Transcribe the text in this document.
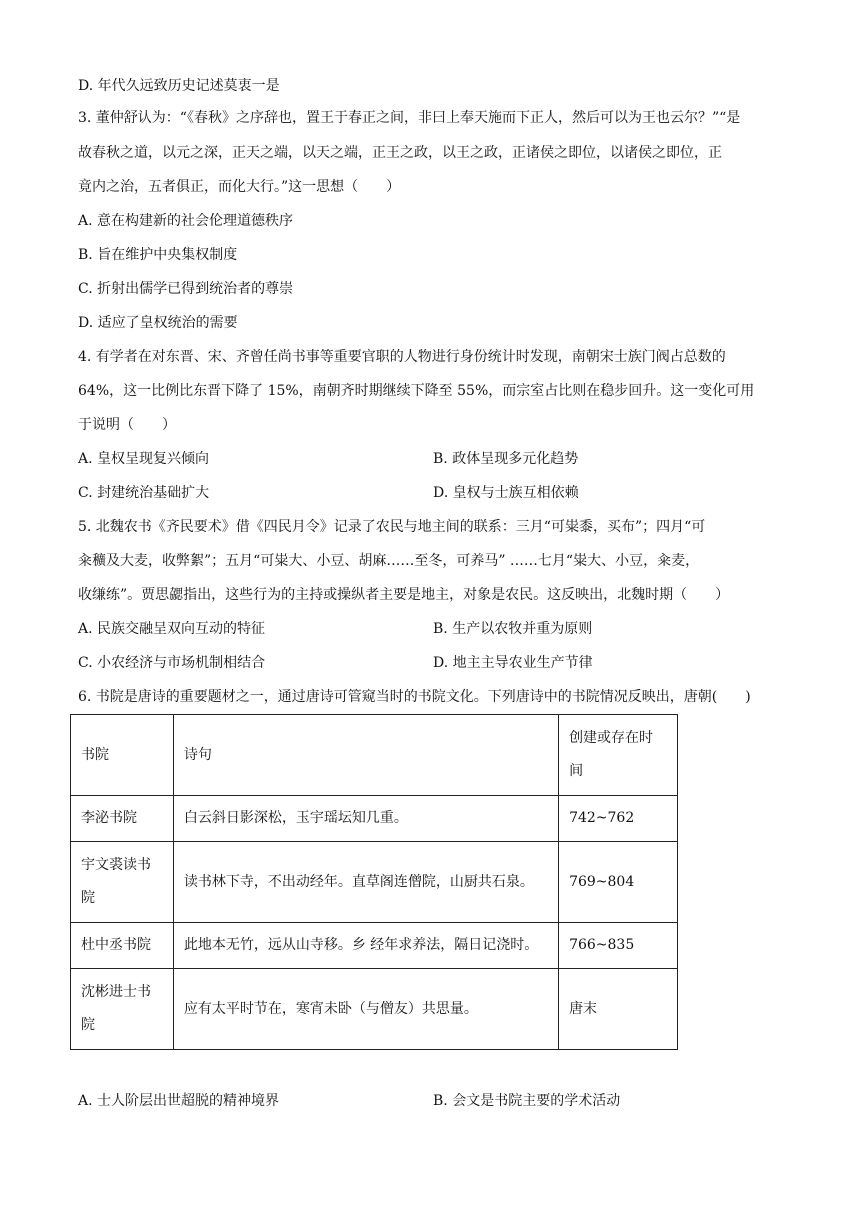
D. 年代久远致历史记述莫衷一是
3. 董仲舒认为：“《春秋》之序辞也，置王于春正之间，非曰上奉天施而下正人，然后可以为王也云尔？”“是
故春秋之道，以元之深，正天之端，以天之端，正王之政，以王之政，正诸侯之即位，以诸侯之即位，正
竟内之治，五者俱正，而化大行。”这一思想（　　）
A. 意在构建新的社会伦理道德秩序
B. 旨在维护中央集权制度
C. 折射出儒学已得到统治者的尊崇
D. 适应了皇权统治的需要
4. 有学者在对东晋、宋、齐曾任尚书事等重要官职的人物进行身份统计时发现，南朝宋士族门阀占总数的
64%，这一比例比东晋下降了 15%，南朝齐时期继续下降至 55%，而宗室占比则在稳步回升。这一变化可用
于说明（　　）
A. 皇权呈现复兴倾向	B. 政体呈现多元化趋势
C. 封建统治基础扩大	D. 皇权与士族互相依赖
5. 北魏农书《齐民要术》借《四民月令》记录了农民与地主间的联系：三月“可粜黍，买布”；四月“可
籴穬及大麦，收弊絮”；五月“可粜大、小豆、胡麻……至冬，可养马” ……七月“粜大、小豆，籴麦，
收缣练”。贾思勰指出，这些行为的主持或操纵者主要是地主，对象是农民。这反映出，北魏时期（　　）
A. 民族交融呈双向互动的特征	B. 生产以农牧并重为原则
C. 小农经济与市场机制相结合	D. 地主主导农业生产节律
6. 书院是唐诗的重要题材之一，通过唐诗可管窥当时的书院文化。下列唐诗中的书院情况反映出，唐朝(　　)
书院	诗句	创建或存在时间
李泌书院	白云斜日影深松，玉宇瑶坛知几重。	742~762
宇文裘读书院	读书林下寺，不出动经年。直草阁连僧院，山厨共石泉。	769~804
杜中丞书院	此地本无竹，远从山寺移。乡 经年求养法，隔日记浇时。	766~835
沈彬进士书院	应有太平时节在，寒宵未卧（与僧友）共思量。	唐末
A. 士人阶层出世超脱的精神境界	B. 会文是书院主要的学术活动
